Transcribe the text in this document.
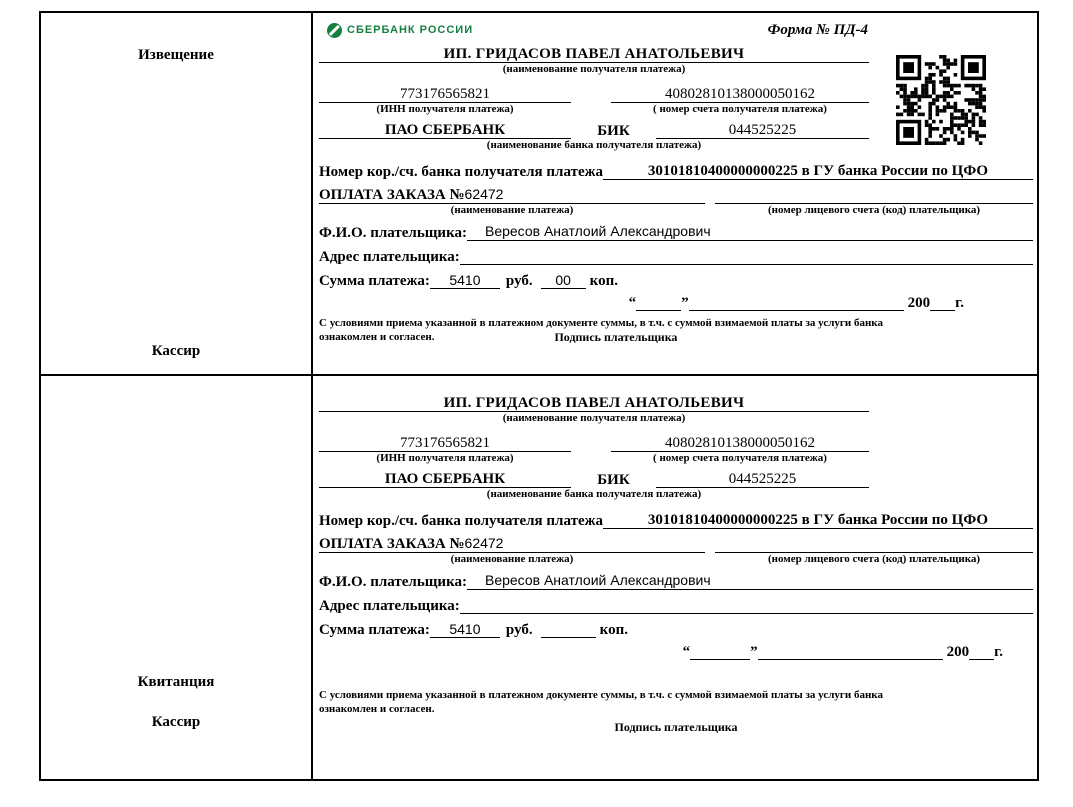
Извещение
Кассир
СБЕРБАНК РОССИИ	Форма № ПД-4
ИП. ГРИДАСОВ ПАВЕЛ АНАТОЛЬЕВИЧ
(наименование получателя платежа)
773176565821	40802810138000050162
(ИНН получателя платежа)	( номер счета получателя платежа)
ПАО СБЕРБАНК	БИК	044525225
(наименование банка получателя платежа)
Номер кор./сч. банка получателя платежа	30101810400000000225 в ГУ банка России по ЦФО
ОПЛАТА ЗАКАЗА №62472
(наименование платежа)	(номер лицевого счета (код) плательщика)
Ф.И.О. плательщика:	Вересов Анатлоий Александрович
Адрес плательщика:
Сумма платежа:	5410	руб.	00	коп.
“	”	200 г.
С условиями приема указанной в платежном документе суммы, в т.ч. с суммой взимаемой платы за услуги банка
ознакомлен и согласен.	Подпись плательщика
Квитанция
Кассир
ИП. ГРИДАСОВ ПАВЕЛ АНАТОЛЬЕВИЧ
(наименование получателя платежа)
773176565821	40802810138000050162
(ИНН получателя платежа)	( номер счета получателя платежа)
ПАО СБЕРБАНК	БИК	044525225
(наименование банка получателя платежа)
Номер кор./сч. банка получателя платежа	30101810400000000225 в ГУ банка России по ЦФО
ОПЛАТА ЗАКАЗА №62472
(наименование платежа)	(номер лицевого счета (код) плательщика)
Ф.И.О. плательщика:	Вересов Анатлоий Александрович
Адрес плательщика:
Сумма платежа:	5410	руб.	коп.
“	”	200 г.
С условиями приема указанной в платежном документе суммы, в т.ч. с суммой взимаемой платы за услуги банка
ознакомлен и согласен.
Подпись плательщика
